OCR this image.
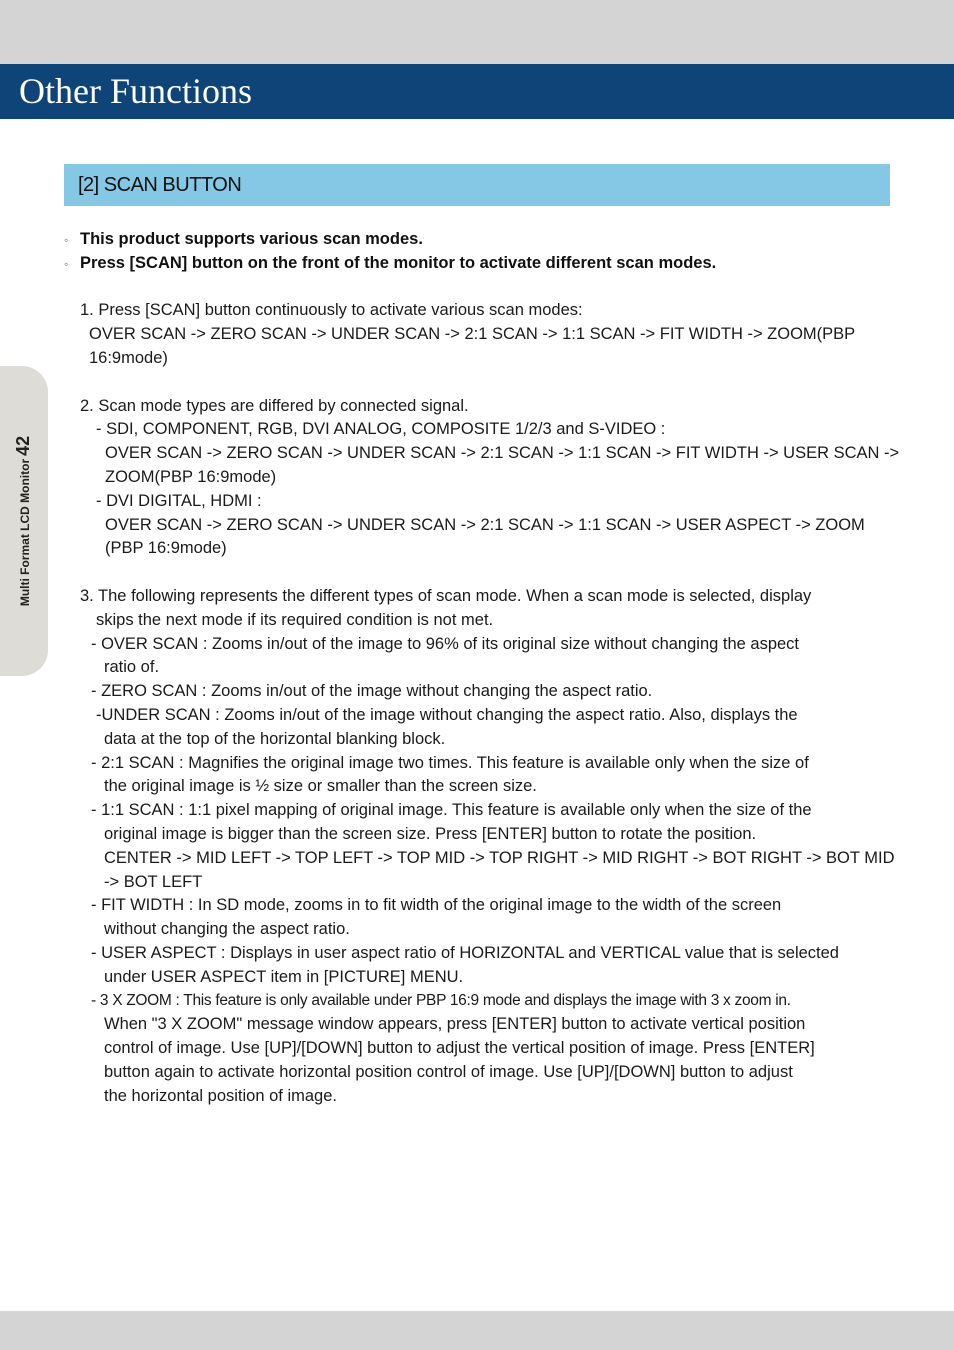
Other Functions
Multi Format LCD Monitor42
[2] SCAN BUTTON
◦ This product supports various scan modes.
◦ Press [SCAN] button on the front of the monitor to activate different scan modes.
1. Press [SCAN] button continuously to activate various scan modes:
OVER SCAN -> ZERO SCAN -> UNDER SCAN -> 2:1 SCAN -> 1:1 SCAN -> FIT WIDTH -> ZOOM(PBP
16:9mode)
2. Scan mode types are differed by connected signal.
- SDI, COMPONENT, RGB, DVI ANALOG, COMPOSITE 1/2/3 and S-VIDEO :
OVER SCAN -> ZERO SCAN -> UNDER SCAN -> 2:1 SCAN -> 1:1 SCAN -> FIT WIDTH -> USER SCAN ->
ZOOM(PBP 16:9mode)
- DVI DIGITAL, HDMI :
OVER SCAN -> ZERO SCAN -> UNDER SCAN -> 2:1 SCAN -> 1:1 SCAN -> USER ASPECT -> ZOOM
(PBP 16:9mode)
3. The following represents the different types of scan mode. When a scan mode is selected, display
skips the next mode if its required condition is not met.
- OVER SCAN : Zooms in/out of the image to 96% of its original size without changing the aspect
ratio of.
- ZERO SCAN : Zooms in/out of the image without changing the aspect ratio.
-UNDER SCAN : Zooms in/out of the image without changing the aspect ratio. Also, displays the
data at the top of the horizontal blanking block.
- 2:1 SCAN : Magnifies the original image two times. This feature is available only when the size of
the original image is ½ size or smaller than the screen size.
- 1:1 SCAN : 1:1 pixel mapping of original image. This feature is available only when the size of the
original image is bigger than the screen size. Press [ENTER] button to rotate the position.
CENTER -> MID LEFT -> TOP LEFT -> TOP MID -> TOP RIGHT -> MID RIGHT -> BOT RIGHT -> BOT MID
-> BOT LEFT
- FIT WIDTH : In SD mode, zooms in to fit width of the original image to the width of the screen
without changing the aspect ratio.
- USER ASPECT : Displays in user aspect ratio of HORIZONTAL and VERTICAL value that is selected
under USER ASPECT item in [PICTURE] MENU.
- 3 X ZOOM : This feature is only available under PBP 16:9 mode and displays the image with 3 x zoom in.
When "3 X ZOOM" message window appears, press [ENTER] button to activate vertical position
control of image. Use [UP]/[DOWN] button to adjust the vertical position of image. Press [ENTER]
button again to activate horizontal position control of image. Use [UP]/[DOWN] button to adjust
the horizontal position of image.
